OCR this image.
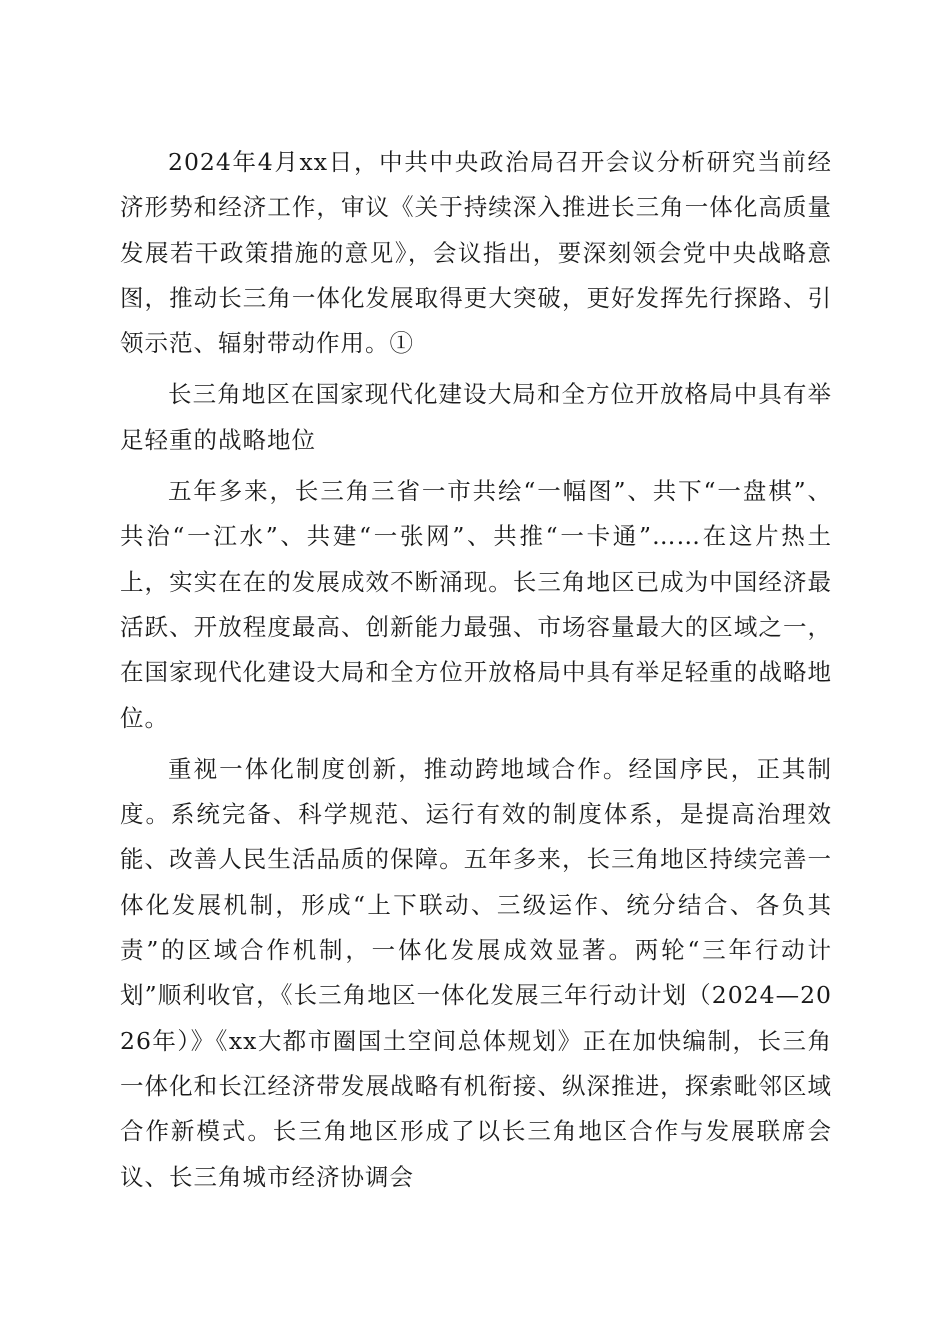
2024年4月xx日，中共中央政治局召开会议分析研究当前经济形势和经济工作，审议《关于持续深入推进长三角一体化高质量发展若干政策措施的意见》，会议指出，要深刻领会党中央战略意图，推动长三角一体化发展取得更大突破，更好发挥先行探路、引领示范、辐射带动作用。①

长三角地区在国家现代化建设大局和全方位开放格局中具有举足轻重的战略地位

五年多来，长三角三省一市共绘“一幅图”、共下“一盘棋”、共治“一江水”、共建“一张网”、共推“一卡通”……在这片热土上，实实在在的发展成效不断涌现。长三角地区已成为中国经济最活跃、开放程度最高、创新能力最强、市场容量最大的区域之一，在国家现代化建设大局和全方位开放格局中具有举足轻重的战略地位。

重视一体化制度创新，推动跨地域合作。经国序民，正其制度。系统完备、科学规范、运行有效的制度体系，是提高治理效能、改善人民生活品质的保障。五年多来，长三角地区持续完善一体化发展机制，形成“上下联动、三级运作、统分结合、各负其责”的区域合作机制，一体化发展成效显著。两轮“三年行动计划”顺利收官，《长三角地区一体化发展三年行动计划（2024—2026年）》《xx大都市圈国土空间总体规划》正在加快编制，长三角一体化和长江经济带发展战略有机衔接、纵深推进，探索毗邻区域合作新模式。长三角地区形成了以长三角地区合作与发展联席会议、长三角城市经济协调会
